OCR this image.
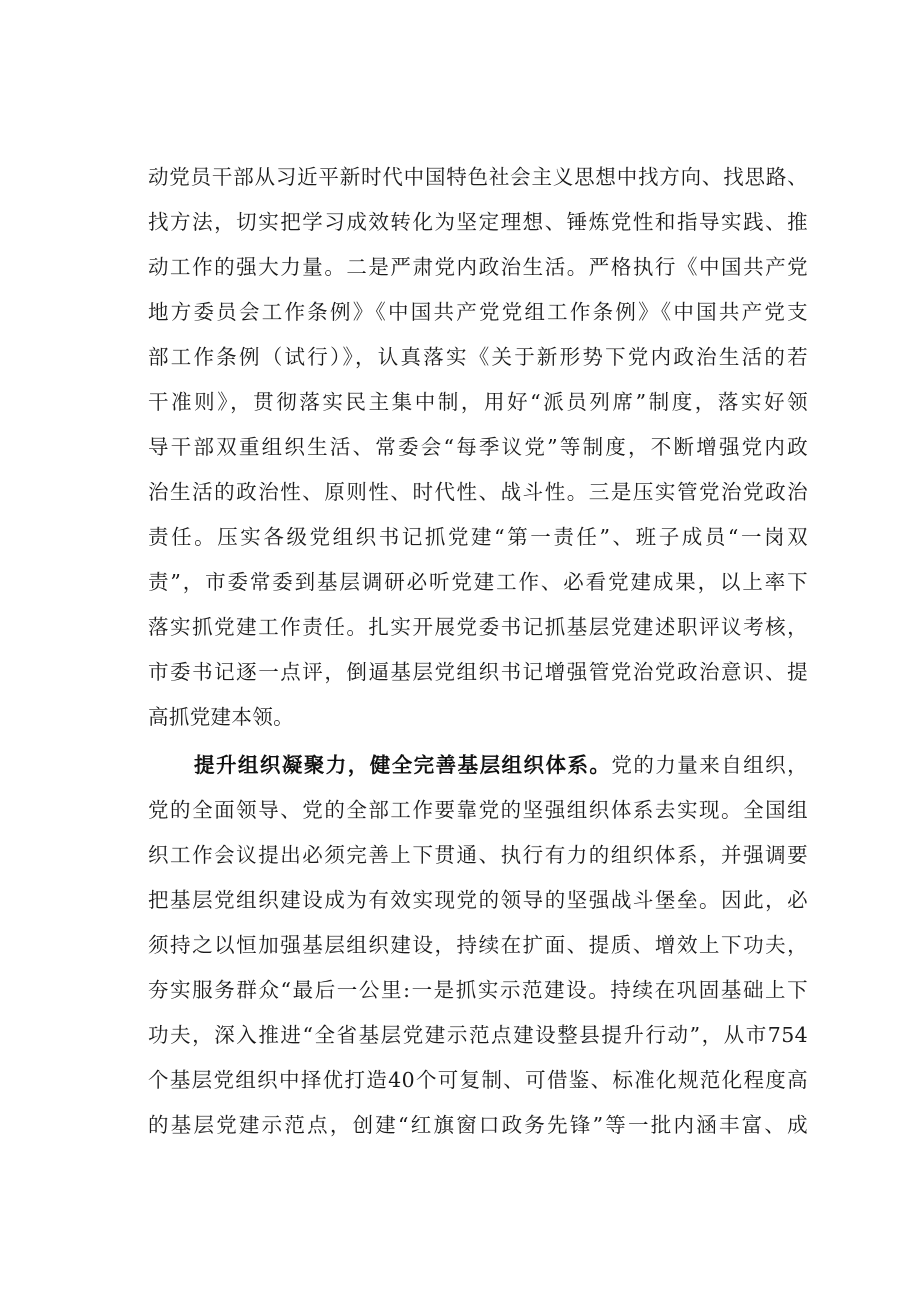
动党员干部从习近平新时代中国特色社会主义思想中找方向、找思路、
找方法，切实把学习成效转化为坚定理想、锤炼党性和指导实践、推
动工作的强大力量。二是严肃党内政治生活。严格执行《中国共产党
地方委员会工作条例》《中国共产党党组工作条例》《中国共产党支
部工作条例（试行）》，认真落实《关于新形势下党内政治生活的若
干准则》，贯彻落实民主集中制，用好“派员列席”制度，落实好领
导干部双重组织生活、常委会“每季议党”等制度，不断增强党内政
治生活的政治性、原则性、时代性、战斗性。三是压实管党治党政治
责任。压实各级党组织书记抓党建“第一责任”、班子成员“一岗双
责”，市委常委到基层调研必听党建工作、必看党建成果，以上率下
落实抓党建工作责任。扎实开展党委书记抓基层党建述职评议考核，
市委书记逐一点评，倒逼基层党组织书记增强管党治党政治意识、提
高抓党建本领。
提升组织凝聚力，健全完善基层组织体系。党的力量来自组织，
党的全面领导、党的全部工作要靠党的坚强组织体系去实现。全国组
织工作会议提出必须完善上下贯通、执行有力的组织体系，并强调要
把基层党组织建设成为有效实现党的领导的坚强战斗堡垒。因此，必
须持之以恒加强基层组织建设，持续在扩面、提质、增效上下功夫，
夯实服务群众“最后一公里:一是抓实示范建设。持续在巩固基础上下
功夫，深入推进“全省基层党建示范点建设整县提升行动”，从市754
个基层党组织中择优打造40个可复制、可借鉴、标准化规范化程度高
的基层党建示范点，创建“红旗窗口政务先锋”等一批内涵丰富、成
